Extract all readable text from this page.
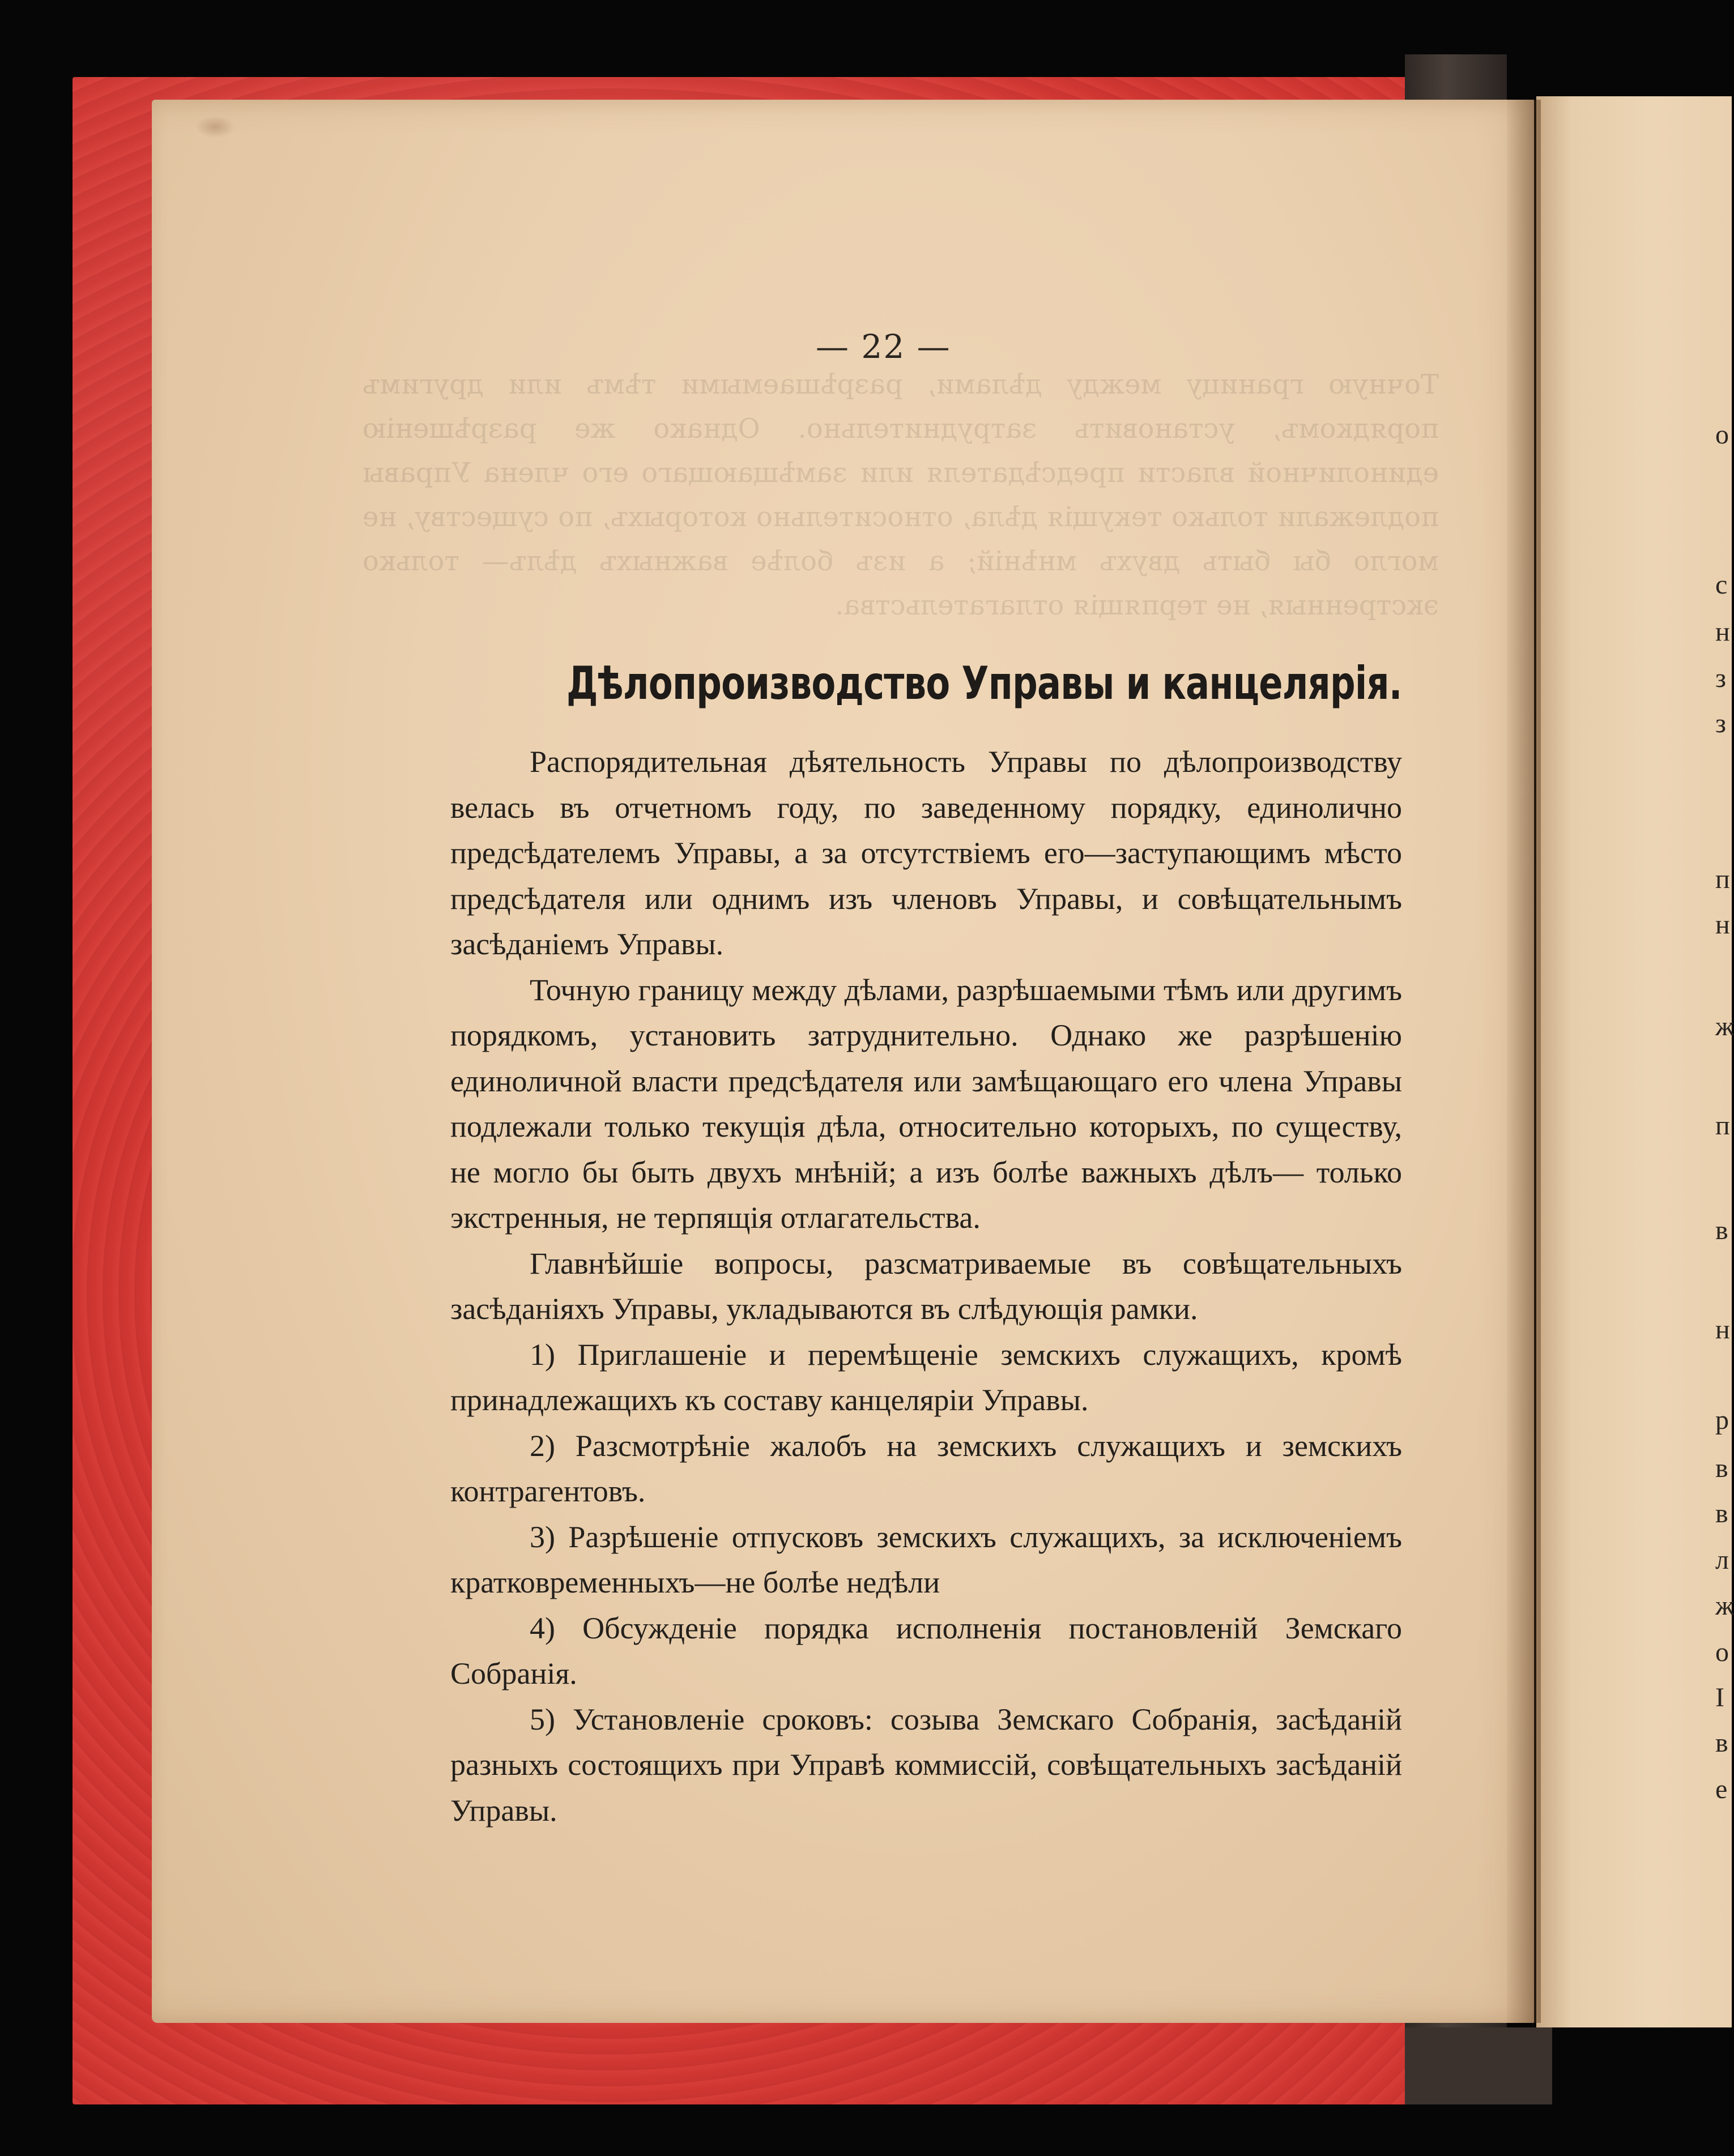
Точную границу между дѣлами, разрѣшаемыми тѣмъ или другимъ порядкомъ, установить затруднительно. Однако же разрѣшенію единоличной власти предсѣдателя или замѣщающаго его члена Управы подлежали только текущія дѣла, относительно которыхъ, по существу, не могло бы быть двухъ мнѣній; а изъ болѣе важныхъ дѣлъ— только экстренныя, не терпящія отлагательства.
— 22 —
Дѣлопроизводство Управы и канцелярія.

Распорядительная дѣятельность Управы по дѣлопроизводству велась въ отчетномъ году, по заведенному порядку, единолично предсѣдателемъ Управы, а за отсутствіемъ его—заступающимъ мѣсто предсѣдателя или однимъ изъ членовъ Управы, и совѣщательнымъ засѣданіемъ Управы.

Точную границу между дѣлами, разрѣшаемыми тѣмъ или другимъ порядкомъ, установить затруднительно. Однако же разрѣшенію единоличной власти предсѣдателя или замѣщающаго его члена Управы подлежали только текущія дѣла, относительно которыхъ, по существу, не могло бы быть двухъ мнѣній; а изъ болѣе важныхъ дѣлъ— только экстренныя, не терпящія отлагательства.

Главнѣйшіе вопросы, разсматриваемые въ совѣщательныхъ засѣданіяхъ Управы, укладываются въ слѣдующія рамки.

1) Приглашеніе и перемѣщеніе земскихъ служащихъ, кромѣ принадлежащихъ къ составу канцеляріи Управы.

2) Разсмотрѣніе жалобъ на земскихъ служащихъ и земскихъ контрагентовъ.

3) Разрѣшеніе отпусковъ земскихъ служащихъ, за исключеніемъ кратковременныхъ—не болѣе недѣли

4) Обсужденіе порядка исполненія постановленій Земскаго Собранія.

5) Установленіе сроковъ: созыва Земскаго Собранія, засѣданій разныхъ состоящихъ при Управѣ коммиссій, совѣщательныхъ засѣданій Управы.

о
с
н
з
з
п
н
ж
п
в
н
р
в
в
л
ж
о
I
в
е
